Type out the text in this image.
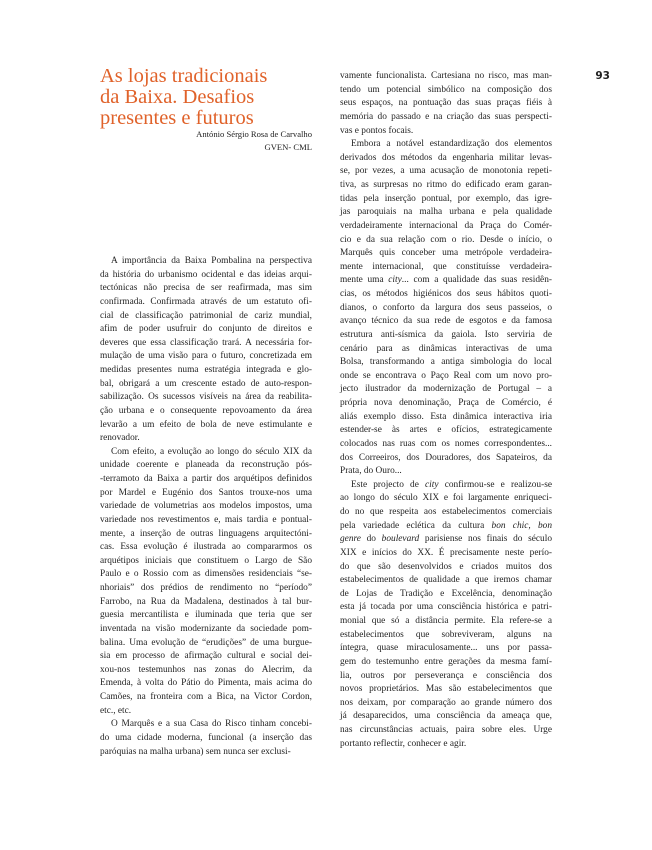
93
As lojas tradicionais
da Baixa. Desafios
presentes e futuros
António Sérgio Rosa de Carvalho
GVEN- CML
A importância da Baixa Pombalina na perspectiva
da história do urbanismo ocidental e das ideias arqui-
tectónicas não precisa de ser reafirmada, mas sim
confirmada. Confirmada através de um estatuto ofi-
cial de classificação patrimonial de cariz mundial,
afim de poder usufruir do conjunto de direitos e
deveres que essa classificação trará. A necessária for-
mulação de uma visão para o futuro, concretizada em
medidas presentes numa estratégia integrada e glo-
bal, obrigará a um crescente estado de auto-respon-
sabilização. Os sucessos visíveis na área da reabilita-
ção urbana e o consequente repovoamento da área
levarão a um efeito de bola de neve estimulante e
renovador.
Com efeito, a evolução ao longo do século XIX da
unidade coerente e planeada da reconstrução pós-
-terramoto da Baixa a partir dos arquétipos definidos
por Mardel e Eugénio dos Santos trouxe-nos uma
variedade de volumetrias aos modelos impostos, uma
variedade nos revestimentos e, mais tardia e pontual-
mente, a inserção de outras linguagens arquitectóni-
cas. Essa evolução é ilustrada ao compararmos os
arquétipos iniciais que constituem o Largo de São
Paulo e o Rossio com as dimensões residenciais “se-
nhoriais” dos prédios de rendimento no “período”
Farrobo, na Rua da Madalena, destinados à tal bur-
guesia mercantilista e iluminada que teria que ser
inventada na visão modernizante da sociedade pom-
balina. Uma evolução de “erudições” de uma burgue-
sia em processo de afirmação cultural e social dei-
xou-nos testemunhos nas zonas do Alecrim, da
Emenda, à volta do Pátio do Pimenta, mais acima do
Camões, na fronteira com a Bica, na Victor Cordon,
etc., etc.
O Marquês e a sua Casa do Risco tinham concebi-
do uma cidade moderna, funcional (a inserção das
paróquias na malha urbana) sem nunca ser exclusi-
vamente funcionalista. Cartesiana no risco, mas man-
tendo um potencial simbólico na composição dos
seus espaços, na pontuação das suas praças fiéis à
memória do passado e na criação das suas perspecti-
vas e pontos focais.
Embora a notável estandardização dos elementos
derivados dos métodos da engenharia militar levas-
se, por vezes, a uma acusação de monotonia repeti-
tiva, as surpresas no ritmo do edificado eram garan-
tidas pela inserção pontual, por exemplo, das igre-
jas paroquiais na malha urbana e pela qualidade
verdadeiramente internacional da Praça do Comér-
cio e da sua relação com o rio. Desde o início, o
Marquês quis conceber uma metrópole verdadeira-
mente internacional, que constituísse verdadeira-
mente uma city... com a qualidade das suas residên-
cias, os métodos higiénicos dos seus hábitos quoti-
dianos, o conforto da largura dos seus passeios, o
avanço técnico da sua rede de esgotos e da famosa
estrutura anti-sísmica da gaiola. Isto serviria de
cenário para as dinâmicas interactivas de uma
Bolsa, transformando a antiga simbologia do local
onde se encontrava o Paço Real com um novo pro-
jecto ilustrador da modernização de Portugal – a
própria nova denominação, Praça de Comércio, é
aliás exemplo disso. Esta dinâmica interactiva iria
estender-se às artes e ofícios, estrategicamente
colocados nas ruas com os nomes correspondentes...
dos Correeiros, dos Douradores, dos Sapateiros, da
Prata, do Ouro...
Este projecto de city confirmou-se e realizou-se
ao longo do século XIX e foi largamente enriqueci-
do no que respeita aos estabelecimentos comerciais
pela variedade eclética da cultura bon chic, bon
genre do boulevard parisiense nos finais do século
XIX e inícios do XX. É precisamente neste perío-
do que são desenvolvidos e criados muitos dos
estabelecimentos de qualidade a que iremos chamar
de Lojas de Tradição e Excelência, denominação
esta já tocada por uma consciência histórica e patri-
monial que só a distância permite. Ela refere-se a
estabelecimentos que sobreviveram, alguns na
íntegra, quase miraculosamente... uns por passa-
gem do testemunho entre gerações da mesma famí-
lia, outros por perseverança e consciência dos
novos proprietários. Mas são estabelecimentos que
nos deixam, por comparação ao grande número dos
já desaparecidos, uma consciência da ameaça que,
nas circunstâncias actuais, paira sobre eles. Urge
portanto reflectir, conhecer e agir.
